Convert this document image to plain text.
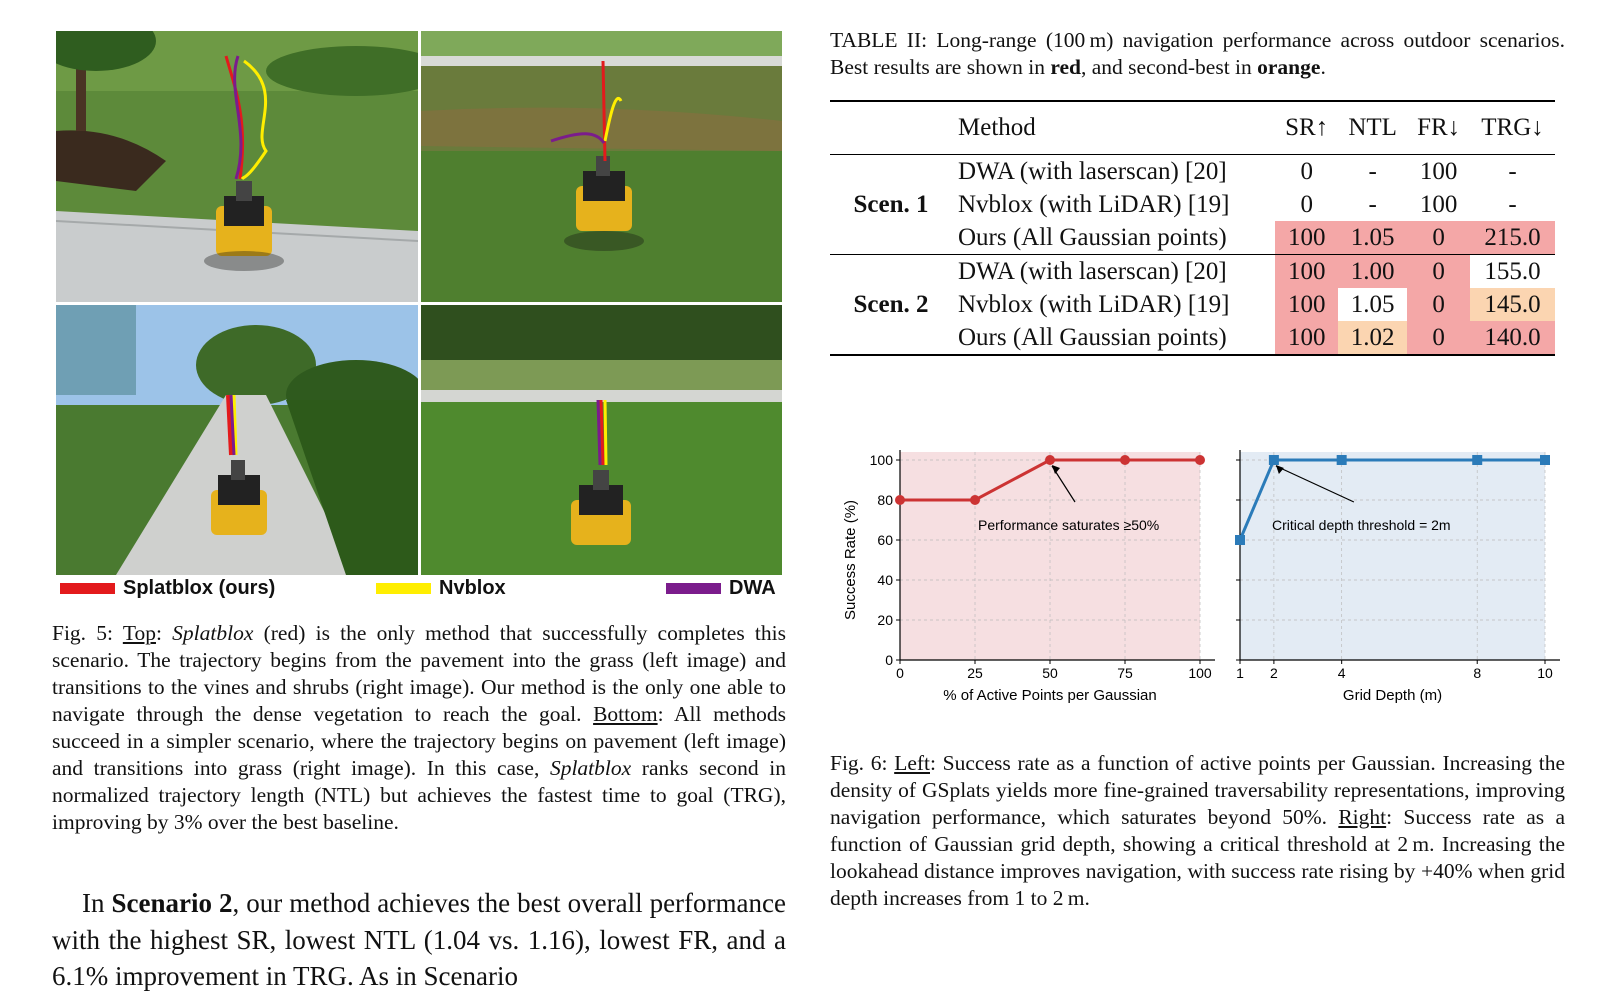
Splatblox (ours)	Nvblox	DWA
Fig. 5: Top: Splatblox (red) is the only method that successfully completes this scenario. The trajectory begins from the pavement into the grass (left image) and transitions to the vines and shrubs (right image). Our method is the only one able to navigate through the dense vegetation to reach the goal. Bottom: All methods succeed in a simpler scenario, where the trajectory begins on pavement (left image) and transitions into grass (right image). In this case, Splatblox ranks second in normalized trajectory length (NTL) but achieves the fastest time to goal (TRG), improving by 3% over the best baseline.
In Scenario 2, our method achieves the best overall performance with the highest SR, lowest NTL (1.04 vs. 1.16), lowest FR, and a 6.1% improvement in TRG. As in Scenario
TABLE II: Long-range (100 m) navigation performance across outdoor scenarios. Best results are shown in red, and second-best in orange.
	Method	SR↑	NTL	FR↓	TRG↓
Scen. 1	DWA (with laserscan) [20]	0	-	100	-
	Nvblox (with LiDAR) [19]	0	-	100	-
	Ours (All Gaussian points)	100	1.05	0	215.0
Scen. 2	DWA (with laserscan) [20]	100	1.00	0	155.0
	Nvblox (with LiDAR) [19]	100	1.05	0	145.0
	Ours (All Gaussian points)	100	1.02	0	140.0
0
20
40
60
80
100
0	25	50	75	100
Performance saturates ≥50%
% of Active Points per Gaussian
Success Rate (%)
1 2	4	8	10
Critical depth threshold = 2m
Grid Depth (m)
Fig. 6: Left: Success rate as a function of active points per Gaussian. Increasing the density of GSplats yields more fine-grained traversability representations, improving navigation performance, which saturates beyond 50%. Right: Success rate as a function of Gaussian grid depth, showing a critical threshold at 2 m. Increasing the lookahead distance improves navigation, with success rate rising by +40% when grid depth increases from 1 to 2 m.
